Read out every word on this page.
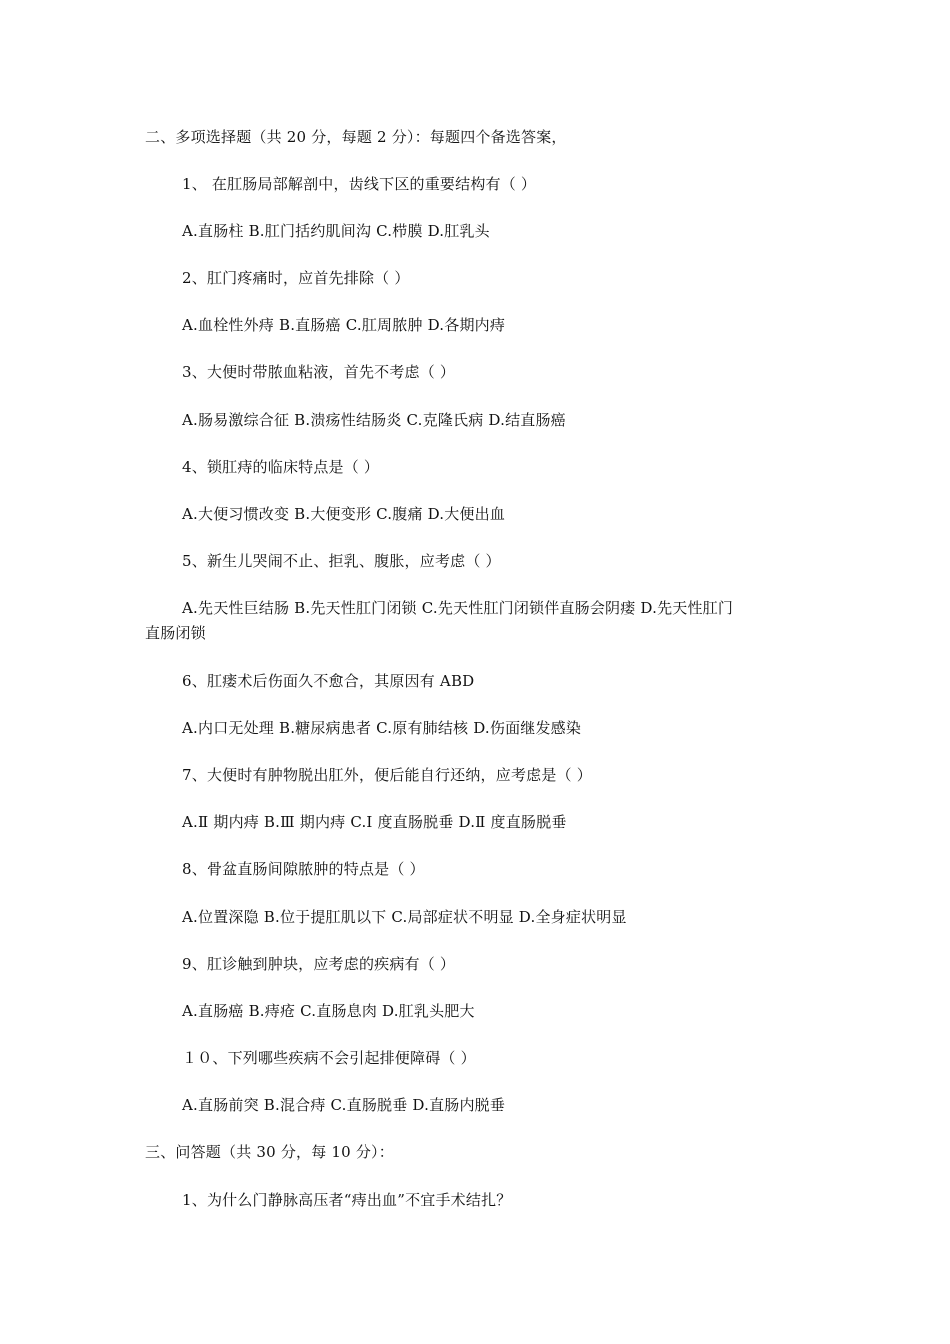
二、多项选择题（共 20 分，每题 2 分）：每题四个备选答案，
1、 在肛肠局部解剖中，齿线下区的重要结构有（ ）
A.直肠柱 B.肛门括约肌间沟 C.栉膜 D.肛乳头
2、肛门疼痛时，应首先排除（ ）
A.血栓性外痔 B.直肠癌 C.肛周脓肿 D.各期内痔
3、大便时带脓血粘液，首先不考虑（ ）
A.肠易激综合征 B.溃疡性结肠炎 C.克隆氏病 D.结直肠癌
4、锁肛痔的临床特点是（ ）
A.大便习惯改变 B.大便变形 C.腹痛 D.大便出血
5、新生儿哭闹不止、拒乳、腹胀，应考虑（ ）
A.先天性巨结肠 B.先天性肛门闭锁 C.先天性肛门闭锁伴直肠会阴瘘 D.先天性肛门
直肠闭锁
6、肛瘘术后伤面久不愈合，其原因有 ABD
A.内口无处理 B.糖尿病患者 C.原有肺结核 D.伤面继发感染
7、大便时有肿物脱出肛外，便后能自行还纳，应考虑是（ ）
A.Ⅱ 期内痔 B.Ⅲ 期内痔 C.Ⅰ 度直肠脱垂 D.Ⅱ 度直肠脱垂
8、骨盆直肠间隙脓肿的特点是（ ）
A.位置深隐 B.位于提肛肌以下 C.局部症状不明显 D.全身症状明显
9、肛诊触到肿块，应考虑的疾病有（ ）
A.直肠癌 B.痔疮 C.直肠息肉 D.肛乳头肥大
１０、下列哪些疾病不会引起排便障碍（ ）
A.直肠前突 B.混合痔 C.直肠脱垂 D.直肠内脱垂
三、问答题（共 30 分，每 10 分）：
1、为什么门静脉高压者“痔出血”不宜手术结扎？
